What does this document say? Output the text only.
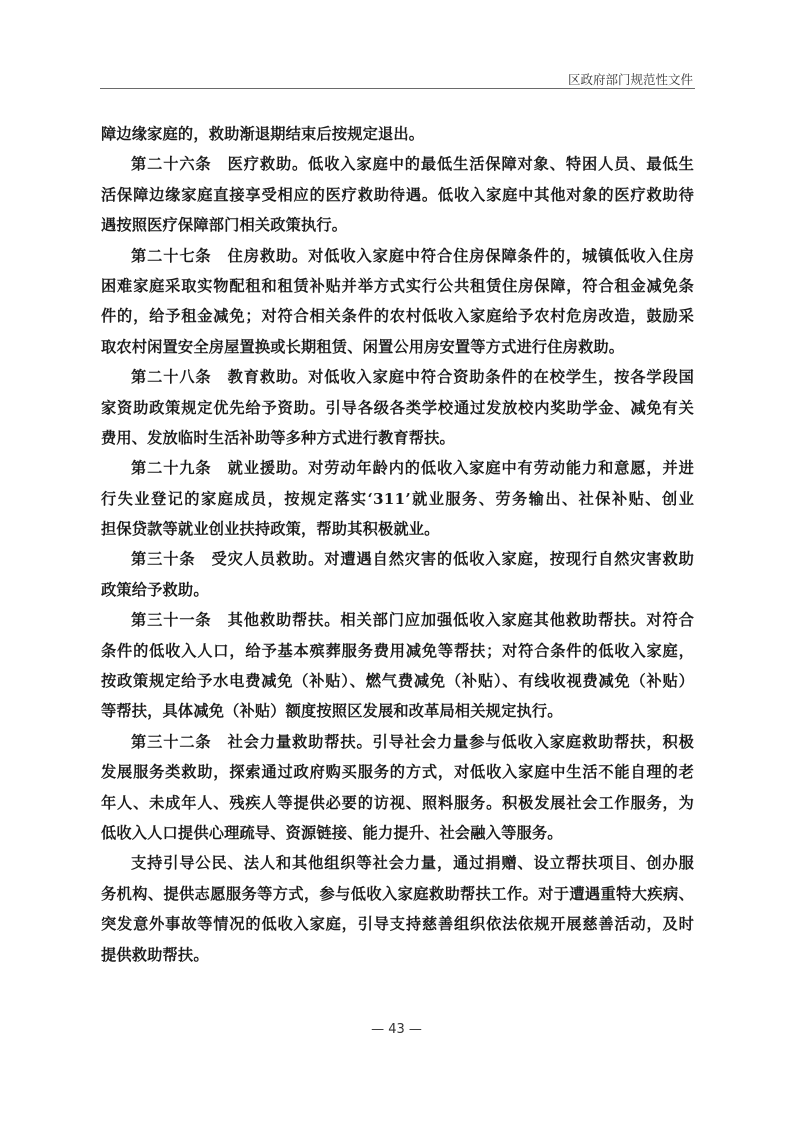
区政府部门规范性文件
障边缘家庭的，救助渐退期结束后按规定退出。
第二十六条　医疗救助。低收入家庭中的最低生活保障对象、特困人员、最低生
活保障边缘家庭直接享受相应的医疗救助待遇。低收入家庭中其他对象的医疗救助待
遇按照医疗保障部门相关政策执行。
第二十七条　住房救助。对低收入家庭中符合住房保障条件的，城镇低收入住房
困难家庭采取实物配租和租赁补贴并举方式实行公共租赁住房保障，符合租金减免条
件的，给予租金减免；对符合相关条件的农村低收入家庭给予农村危房改造，鼓励采
取农村闲置安全房屋置换或长期租赁、闲置公用房安置等方式进行住房救助。
第二十八条　教育救助。对低收入家庭中符合资助条件的在校学生，按各学段国
家资助政策规定优先给予资助。引导各级各类学校通过发放校内奖助学金、减免有关
费用、发放临时生活补助等多种方式进行教育帮扶。
第二十九条　就业援助。对劳动年龄内的低收入家庭中有劳动能力和意愿，并进
行失业登记的家庭成员，按规定落实‘311’就业服务、劳务输出、社保补贴、创业
担保贷款等就业创业扶持政策，帮助其积极就业。
第三十条　受灾人员救助。对遭遇自然灾害的低收入家庭，按现行自然灾害救助
政策给予救助。
第三十一条　其他救助帮扶。相关部门应加强低收入家庭其他救助帮扶。对符合
条件的低收入人口，给予基本殡葬服务费用减免等帮扶；对符合条件的低收入家庭，
按政策规定给予水电费减免（补贴）、燃气费减免（补贴）、有线收视费减免（补贴）
等帮扶，具体减免（补贴）额度按照区发展和改革局相关规定执行。
第三十二条　社会力量救助帮扶。引导社会力量参与低收入家庭救助帮扶，积极
发展服务类救助，探索通过政府购买服务的方式，对低收入家庭中生活不能自理的老
年人、未成年人、残疾人等提供必要的访视、照料服务。积极发展社会工作服务，为
低收入人口提供心理疏导、资源链接、能力提升、社会融入等服务。
支持引导公民、法人和其他组织等社会力量，通过捐赠、设立帮扶项目、创办服
务机构、提供志愿服务等方式，参与低收入家庭救助帮扶工作。对于遭遇重特大疾病、
突发意外事故等情况的低收入家庭，引导支持慈善组织依法依规开展慈善活动，及时
提供救助帮扶。
— 43 —
